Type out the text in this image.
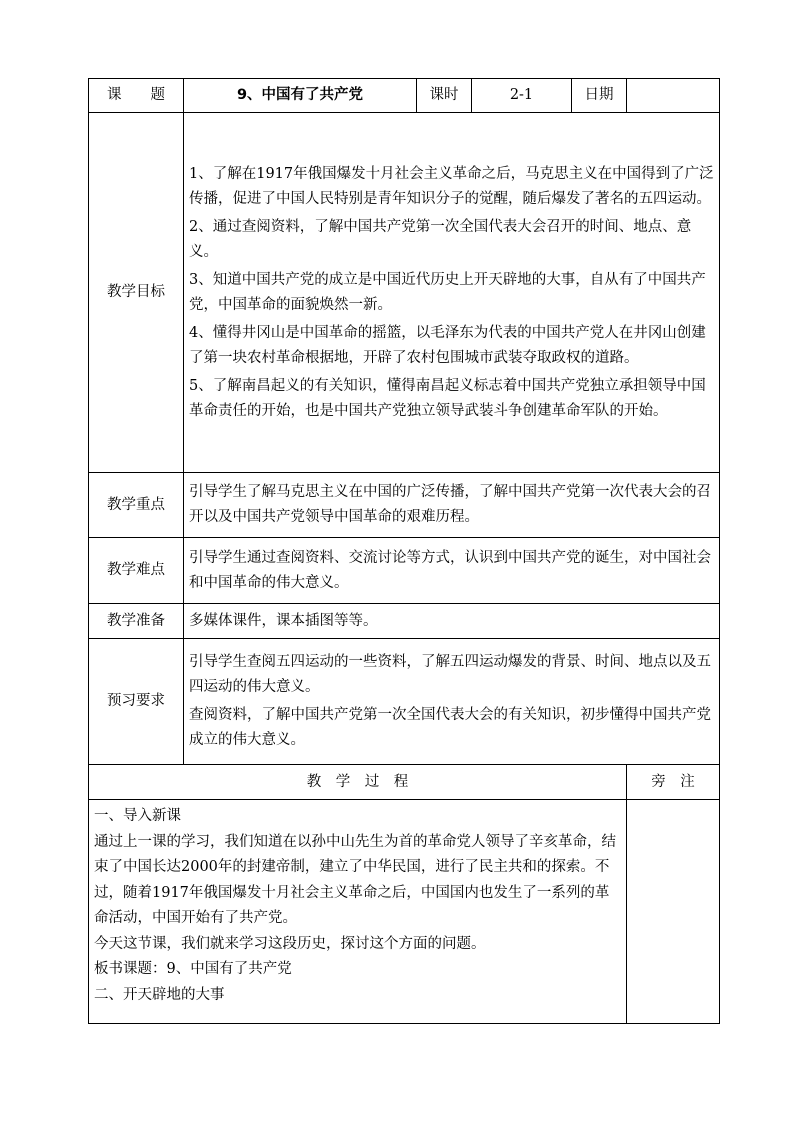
课　　题	9、中国有了共产党	课时	2-1	日期	
教学目标	1、了解在1917年俄国爆发十月社会主义革命之后，马克思主义在中国得到了广泛传播，促进了中国人民特别是青年知识分子的觉醒，随后爆发了著名的五四运动。

2、通过查阅资料，了解中国共产党第一次全国代表大会召开的时间、地点、意义。

3、知道中国共产党的成立是中国近代历史上开天辟地的大事，自从有了中国共产党，中国革命的面貌焕然一新。

4、懂得井冈山是中国革命的摇篮，以毛泽东为代表的中国共产党人在井冈山创建了第一块农村革命根据地，开辟了农村包围城市武装夺取政权的道路。

5、了解南昌起义的有关知识，懂得南昌起义标志着中国共产党独立承担领导中国革命责任的开始，也是中国共产党独立领导武装斗争创建革命军队的开始。				

教学重点	引导学生了解马克思主义在中国的广泛传播，了解中国共产党第一次代表大会的召开以及中国共产党领导中国革命的艰难历程。				
教学难点	引导学生通过查阅资料、交流讨论等方式，认识到中国共产党的诞生，对中国社会和中国革命的伟大意义。				
教学准备	多媒体课件，课本插图等等。				
预习要求	引导学生查阅五四运动的一些资料，了解五四运动爆发的背景、时间、地点以及五四运动的伟大意义。

查阅资料，了解中国共产党第一次全国代表大会的有关知识，初步懂得中国共产党成立的伟大意义。				

教　学　过　程					旁　注

一、导入新课

通过上一课的学习，我们知道在以孙中山先生为首的革命党人领导了辛亥革命，结束了中国长达2000年的封建帝制，建立了中华民国，进行了民主共和的探索。不过，随着1917年俄国爆发十月社会主义革命之后，中国国内也发生了一系列的革命活动，中国开始有了共产党。

今天这节课，我们就来学习这段历史，探讨这个方面的问题。

板书课题：9、中国有了共产党

二、开天辟地的大事					
